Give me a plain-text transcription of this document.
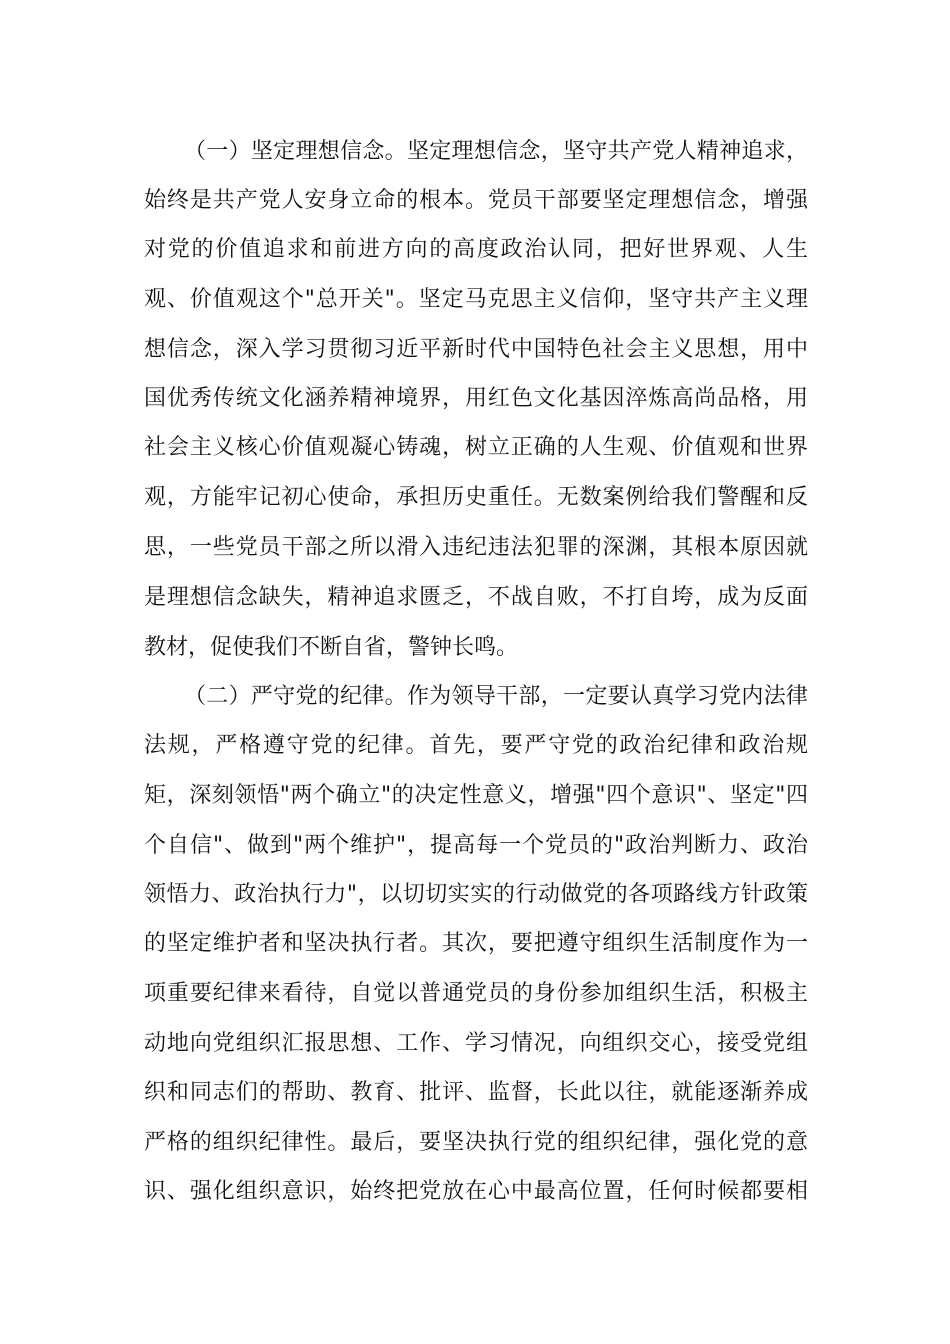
（一）坚定理想信念。坚定理想信念，坚守共产党人精神追求，
始终是共产党人安身立命的根本。党员干部要坚定理想信念，增强
对党的价值追求和前进方向的高度政治认同，把好世界观、人生
观、价值观这个"总开关"。坚定马克思主义信仰，坚守共产主义理
想信念，深入学习贯彻习近平新时代中国特色社会主义思想，用中
国优秀传统文化涵养精神境界，用红色文化基因淬炼高尚品格，用
社会主义核心价值观凝心铸魂，树立正确的人生观、价值观和世界
观，方能牢记初心使命，承担历史重任。无数案例给我们警醒和反
思，一些党员干部之所以滑入违纪违法犯罪的深渊，其根本原因就
是理想信念缺失，精神追求匮乏，不战自败，不打自垮，成为反面
教材，促使我们不断自省，警钟长鸣。
（二）严守党的纪律。作为领导干部，一定要认真学习党内法律
法规，严格遵守党的纪律。首先，要严守党的政治纪律和政治规
矩，深刻领悟"两个确立"的决定性意义，增强"四个意识"、坚定"四
个自信"、做到"两个维护"，提高每一个党员的"政治判断力、政治
领悟力、政治执行力"，以切切实实的行动做党的各项路线方针政策
的坚定维护者和坚决执行者。其次，要把遵守组织生活制度作为一
项重要纪律来看待，自觉以普通党员的身份参加组织生活，积极主
动地向党组织汇报思想、工作、学习情况，向组织交心，接受党组
织和同志们的帮助、教育、批评、监督，长此以往，就能逐渐养成
严格的组织纪律性。最后，要坚决执行党的组织纪律，强化党的意
识、强化组织意识，始终把党放在心中最高位置，任何时候都要相
